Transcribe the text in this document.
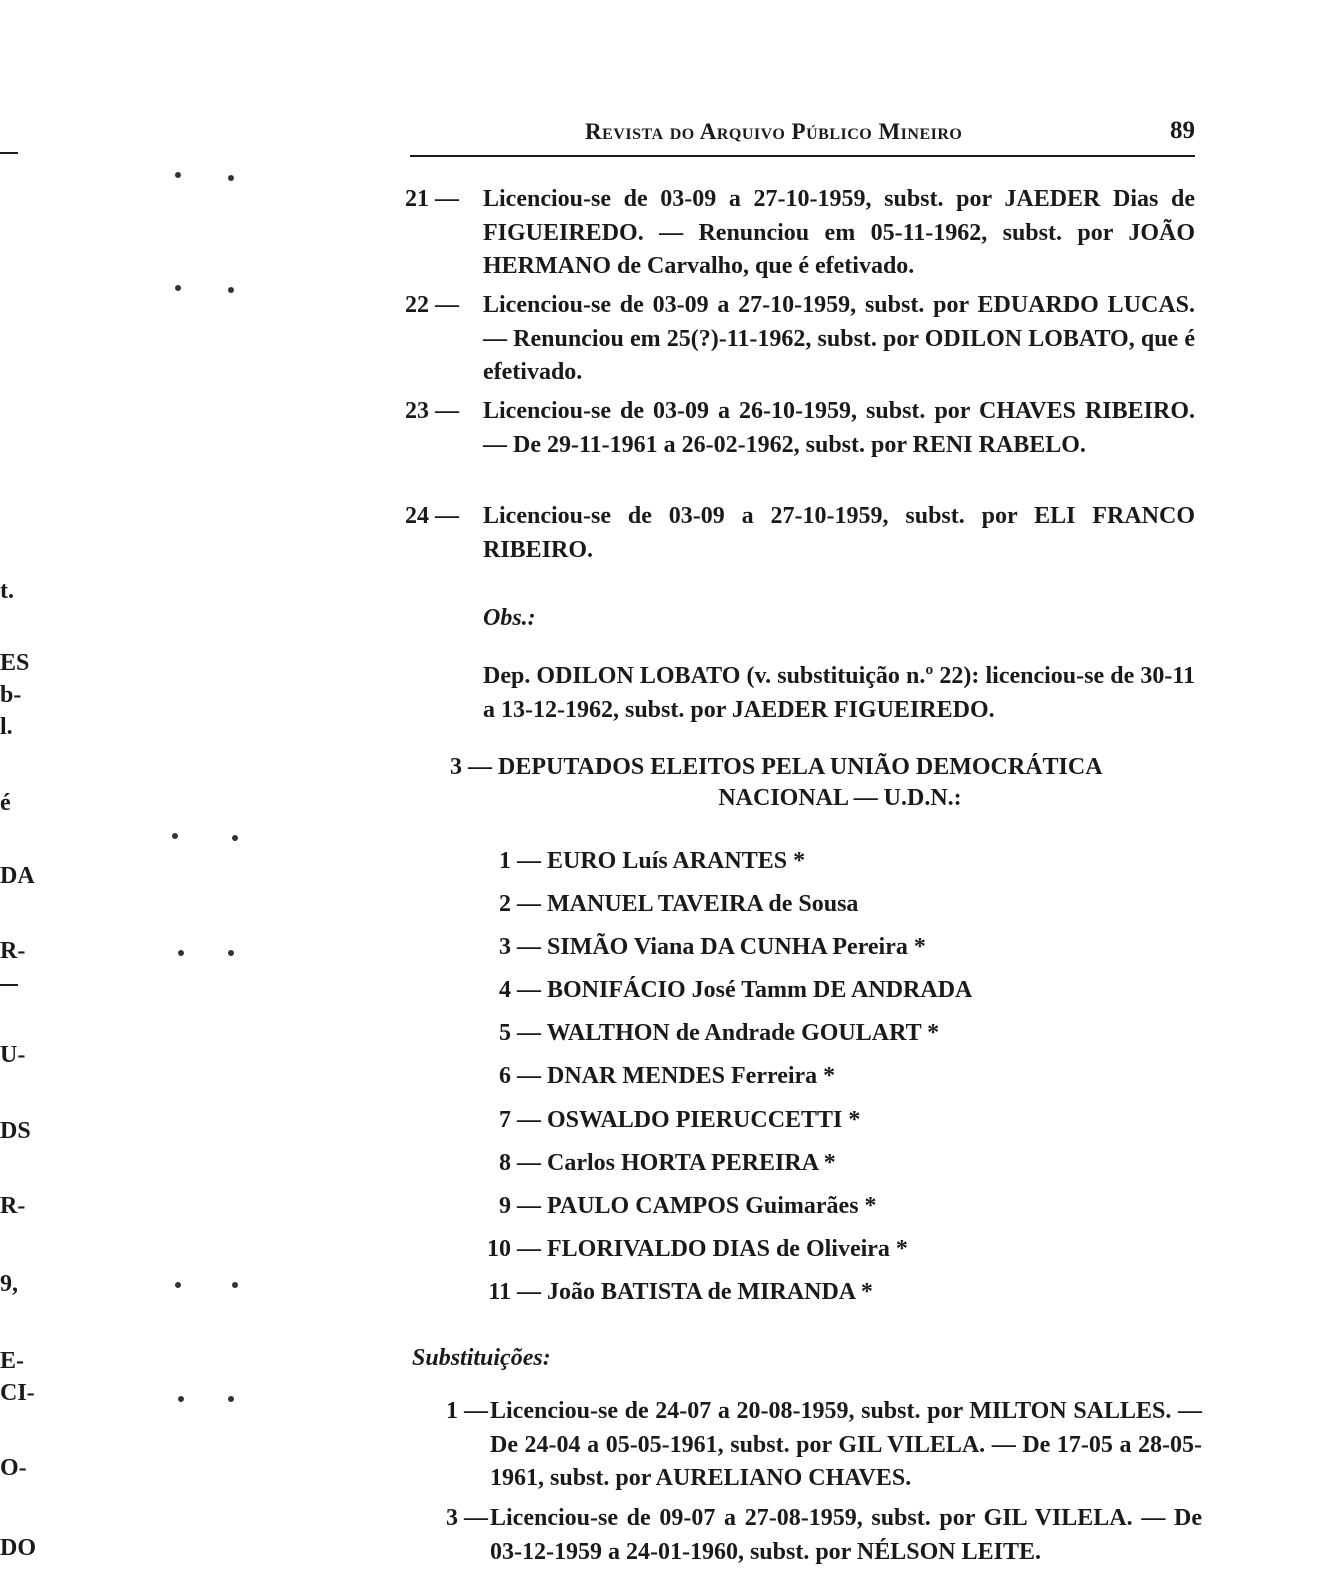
t.
ES
b-
l.
é
DA
R-
U-
DS
R-
9,
E-
CI-
O-
DO
Revista do Arquivo Público Mineiro	89
21 —	Licenciou-se de 03-09 a 27-10-1959, subst. por JAEDER Dias de FIGUEIREDO. — Renunciou em 05-11-1962, subst. por JOÃO HERMANO de Carvalho, que é efetivado.
22 —	Licenciou-se de 03-09 a 27-10-1959, subst. por EDUARDO LUCAS. — Renunciou em 25(?)-11-1962, subst. por ODILON LOBATO, que é efetivado.
23 —	Licenciou-se de 03-09 a 26-10-1959, subst. por CHAVES RIBEIRO. — De 29-11-1961 a 26-02-1962, subst. por RENI RABELO.
24 —	Licenciou-se de 03-09 a 27-10-1959, subst. por ELI FRANCO RIBEIRO.
Obs.:
Dep. ODILON LOBATO (v. substituição n.º 22): licenciou-se de 30-11 a 13-12-1962, subst. por JAEDER FIGUEIREDO.
3 — DEPUTADOS ELEITOS PELA UNIÃO DEMOCRÁTICA
NACIONAL — U.D.N.:
1 — EURO Luís ARANTES *
2 — MANUEL TAVEIRA de Sousa
3 — SIMÃO Viana DA CUNHA Pereira *
4 — BONIFÁCIO José Tamm DE ANDRADA
5 — WALTHON de Andrade GOULART *
6 — DNAR MENDES Ferreira *
7 — OSWALDO PIERUCCETTI *
8 — Carlos HORTA PEREIRA *
9 — PAULO CAMPOS Guimarães *
10 — FLORIVALDO DIAS de Oliveira *
11 — João BATISTA de MIRANDA *
Substituições:
1 — Licenciou-se de 24-07 a 20-08-1959, subst. por MILTON SALLES. — De 24-04 a 05-05-1961, subst. por GIL VILELA. — De 17-05 a 28-05-1961, subst. por AURELIANO CHAVES.
3 — Licenciou-se de 09-07 a 27-08-1959, subst. por GIL VILELA. — De 03-12-1959 a 24-01-1960, subst. por NÉLSON LEITE.
